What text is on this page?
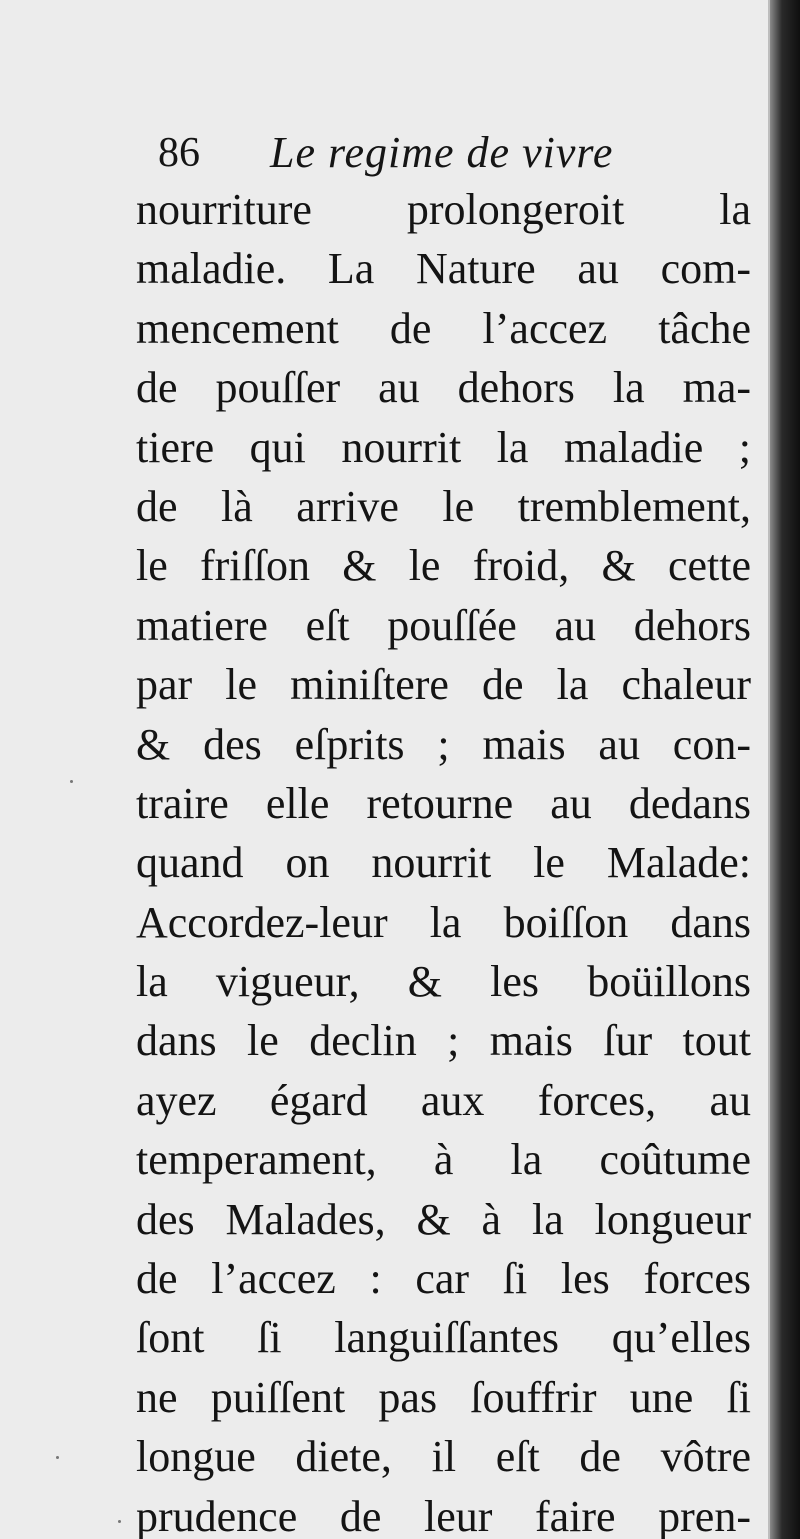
86 Le regime de vivre
nourriture prolongeroit la
maladie. La Nature au com-
mencement de l’accez tâche
de pouſſer au dehors la ma-
tiere qui nourrit la maladie ;
de là arrive le tremblement,
le friſſon & le froid, & cette
matiere eſt pouſſée au dehors
par le miniſtere de la chaleur
& des eſprits ; mais au con-
traire elle retourne au dedans
quand on nourrit le Malade:
Accordez-leur la boiſſon dans
la vigueur, & les boüillons
dans le declin ; mais ſur tout
ayez égard aux forces, au
temperament, à la coûtume
des Malades, & à la longueur
de l’accez : car ſi les forces
ſont ſi languiſſantes qu’elles
ne puiſſent pas ſouffrir une ſi
longue diete, il eſt de vôtre
prudence de leur faire pren-
